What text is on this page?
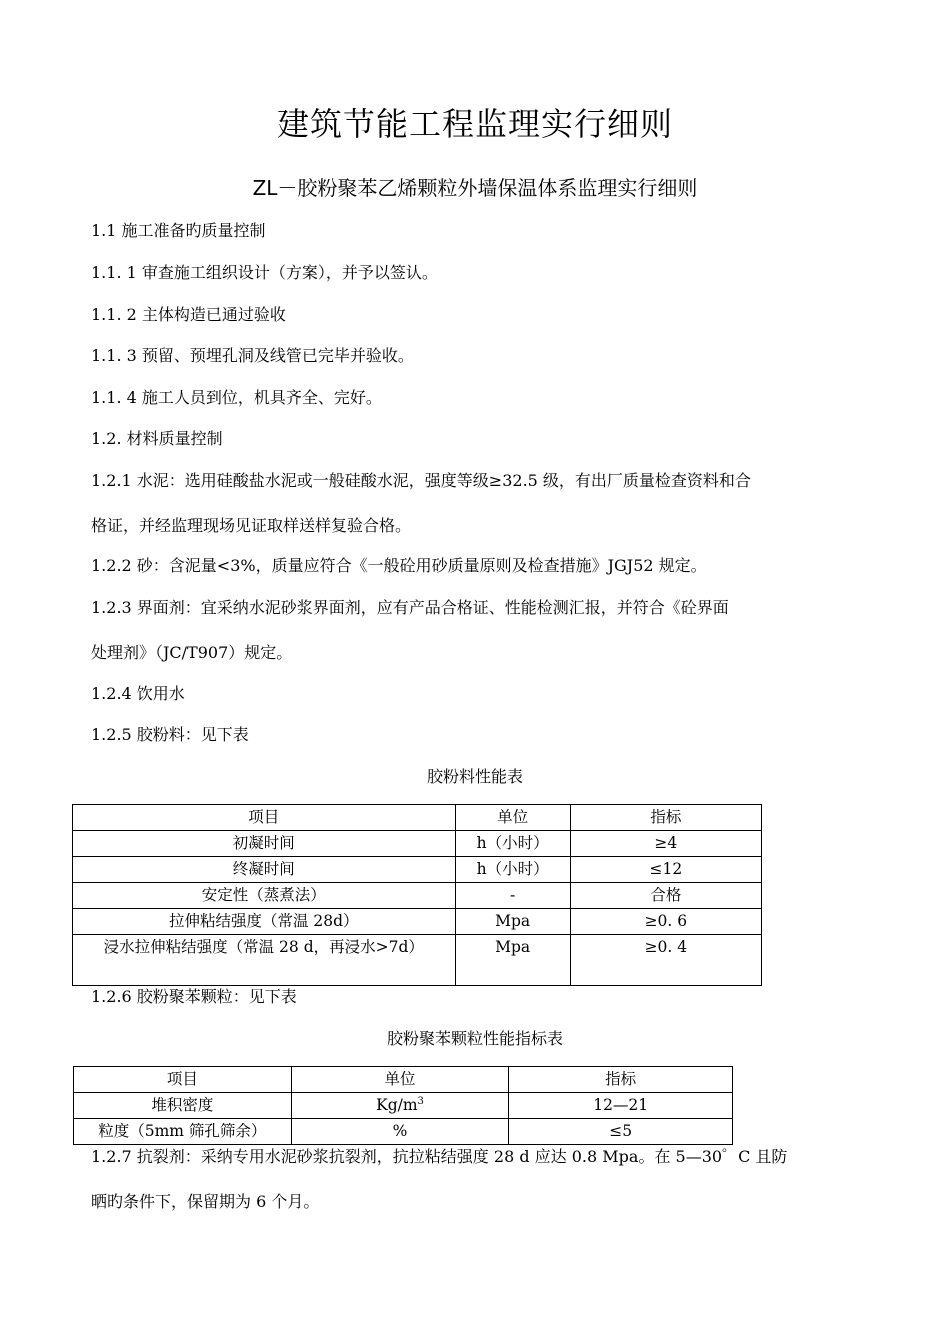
建筑节能工程监理实行细则
ZL－胶粉聚苯乙烯颗粒外墙保温体系监理实行细则
1.1 施工准备旳质量控制
1.1. 1 审查施工组织设计（方案），并予以签认。
1.1. 2 主体构造已通过验收
1.1. 3 预留、预埋孔洞及线管已完毕并验收。
1.1. 4 施工人员到位，机具齐全、完好。
1.2. 材料质量控制
1.2.1 水泥：选用硅酸盐水泥或一般硅酸水泥，强度等级≥32.5 级，有出厂质量检查资料和合
格证，并经监理现场见证取样送样复验合格。
1.2.2 砂：含泥量<3%，质量应符合《一般砼用砂质量原则及检查措施》JGJ52 规定。
1.2.3 界面剂：宜采纳水泥砂浆界面剂，应有产品合格证、性能检测汇报，并符合《砼界面
处理剂》（JC/T907）规定。
1.2.4 饮用水
1.2.5 胶粉料：见下表
胶粉料性能表
项目	单位	指标
初凝时间	h（小时）	≥4
终凝时间	h（小时）	≤12
安定性（蒸煮法）	-	合格
拉伸粘结强度（常温 28d）	Mpa	≥0. 6
浸水拉伸粘结强度（常温 28 d，再浸水>7d）	Mpa	≥0. 4
1.2.6 胶粉聚苯颗粒：见下表
胶粉聚苯颗粒性能指标表
项目	单位	指标
堆积密度	$Kg/m^3$	12—21
粒度（5mm 筛孔筛余）	%	≤5
1.2.7 抗裂剂：采纳专用水泥砂浆抗裂剂，抗拉粘结强度 28 d 应达 0.8 Mpa。在 5—30゜C 且防
晒旳条件下，保留期为 6 个月。
